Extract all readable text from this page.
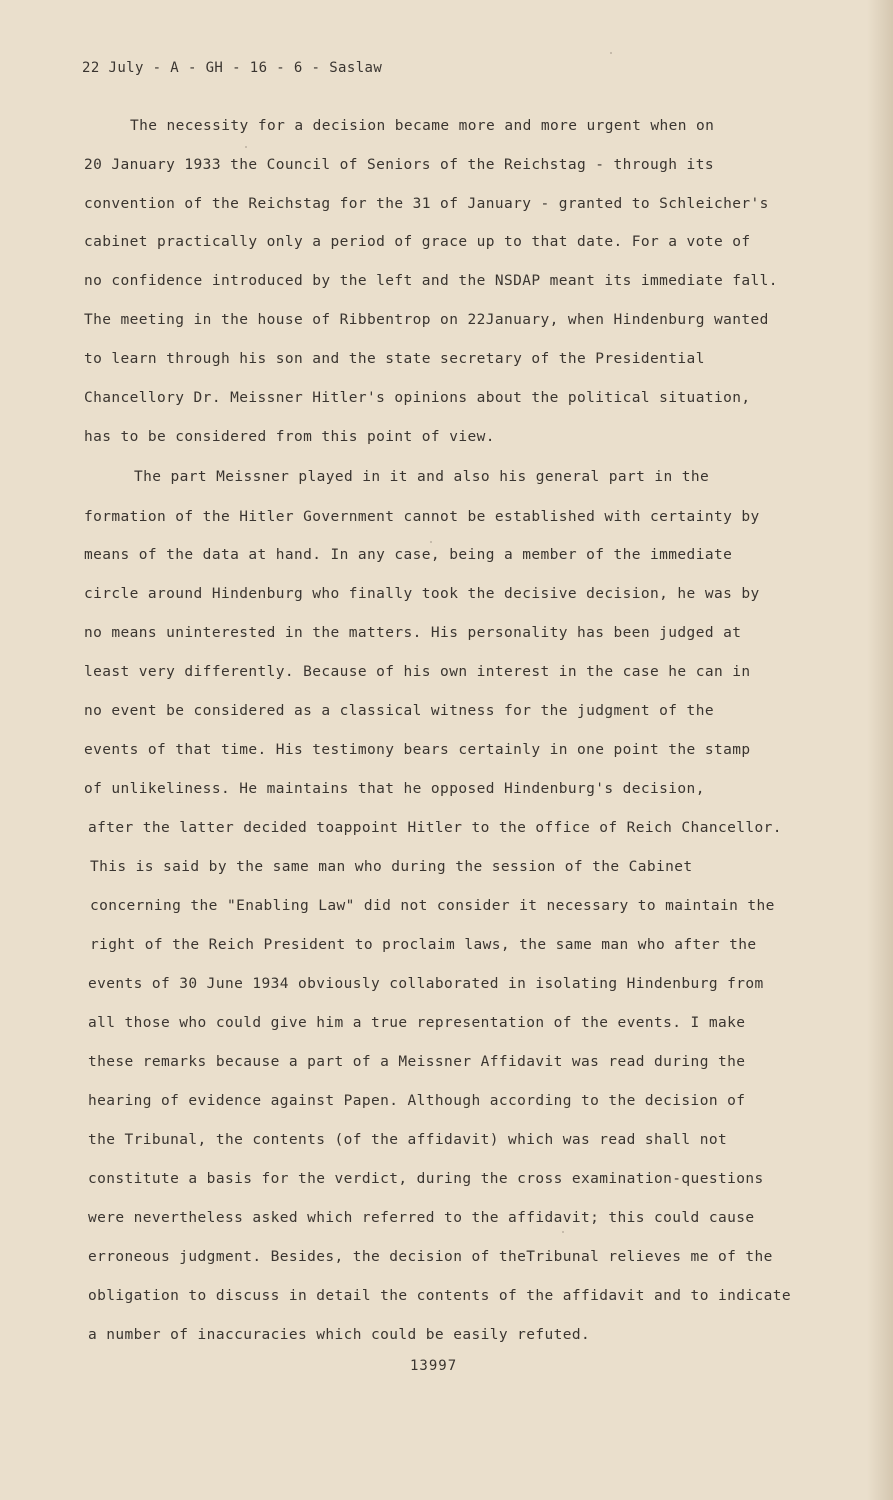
22 July - A - GH - 16 - 6 - Saslaw
The necessity for a decision became more and more urgent when on
20 January 1933 the Council of Seniors of the Reichstag - through its
convention of the Reichstag for the 31 of January - granted to Schleicher's
cabinet practically only a period of grace up to that date. For a vote of
no confidence introduced by the left and the NSDAP meant its immediate fall.
The meeting in the house of Ribbentrop on 22January, when Hindenburg wanted
to learn through his son and the state secretary of the Presidential
Chancellory Dr. Meissner Hitler's opinions about the political situation,
has to be considered from this point of view.
The part Meissner played in it and also his general part in the
formation of the Hitler Government cannot be established with certainty by
means of the data at hand. In any case, being a member of the immediate
circle around Hindenburg who finally took the decisive decision, he was by
no means uninterested in the matters. His personality has been judged at
least very differently. Because of his own interest in the case he can in
no event be considered as a classical witness for the judgment of the
events of that time. His testimony bears certainly in one point the stamp
of unlikeliness. He maintains that he opposed Hindenburg's decision,
after the latter decided toappoint Hitler to the office of Reich Chancellor.
This is said by the same man who during the session of the Cabinet
concerning the "Enabling Law" did not consider it necessary to maintain the
right of the Reich President to proclaim laws, the same man who after the
events of 30 June 1934 obviously collaborated in isolating Hindenburg from
all those who could give him a true representation of the events. I make
these remarks because a part of a Meissner Affidavit was read during the
hearing of evidence against Papen. Although according to the decision of
the Tribunal, the contents (of the affidavit) which was read shall not
constitute a basis for the verdict, during the cross examination-questions
were nevertheless asked which referred to the affidavit; this could cause
erroneous judgment. Besides, the decision of theTribunal relieves me of the
obligation to discuss in detail the contents of the affidavit and to indicate
a number of inaccuracies which could be easily refuted.
13997
